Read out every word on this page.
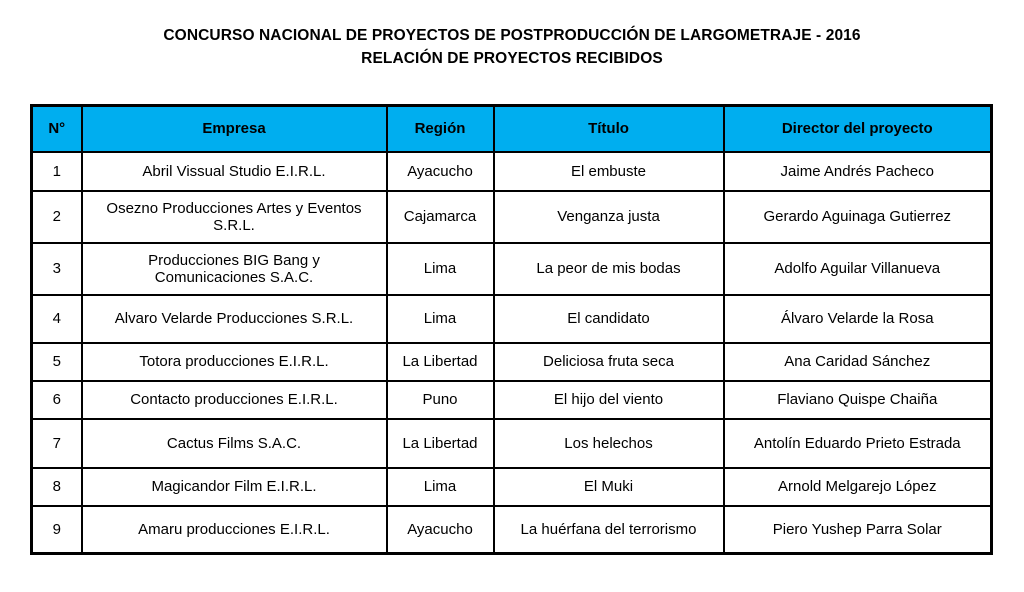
CONCURSO NACIONAL DE PROYECTOS DE POSTPRODUCCIÓN DE LARGOMETRAJE - 2016
RELACIÓN DE PROYECTOS RECIBIDOS
N°	Empresa	Región	Título	Director del proyecto
1	Abril Vissual Studio E.I.R.L.	Ayacucho	El embuste	Jaime Andrés Pacheco
2	Osezno Producciones Artes y Eventos
S.R.L.	Cajamarca	Venganza justa	Gerardo Aguinaga Gutierrez
3	Producciones BIG Bang y
Comunicaciones S.A.C.	Lima	La peor de mis bodas	Adolfo Aguilar Villanueva
4	Alvaro Velarde Producciones S.R.L.	Lima	El candidato	Álvaro Velarde la Rosa
5	Totora producciones E.I.R.L.	La Libertad	Deliciosa fruta seca	Ana Caridad Sánchez
6	Contacto producciones E.I.R.L.	Puno	El hijo del viento	Flaviano Quispe Chaiña
7	Cactus Films S.A.C.	La Libertad	Los helechos	Antolín Eduardo Prieto Estrada
8	Magicandor Film E.I.R.L.	Lima	El Muki	Arnold Melgarejo López
9	Amaru producciones E.I.R.L.	Ayacucho	La huérfana del terrorismo	Piero Yushep Parra Solar
